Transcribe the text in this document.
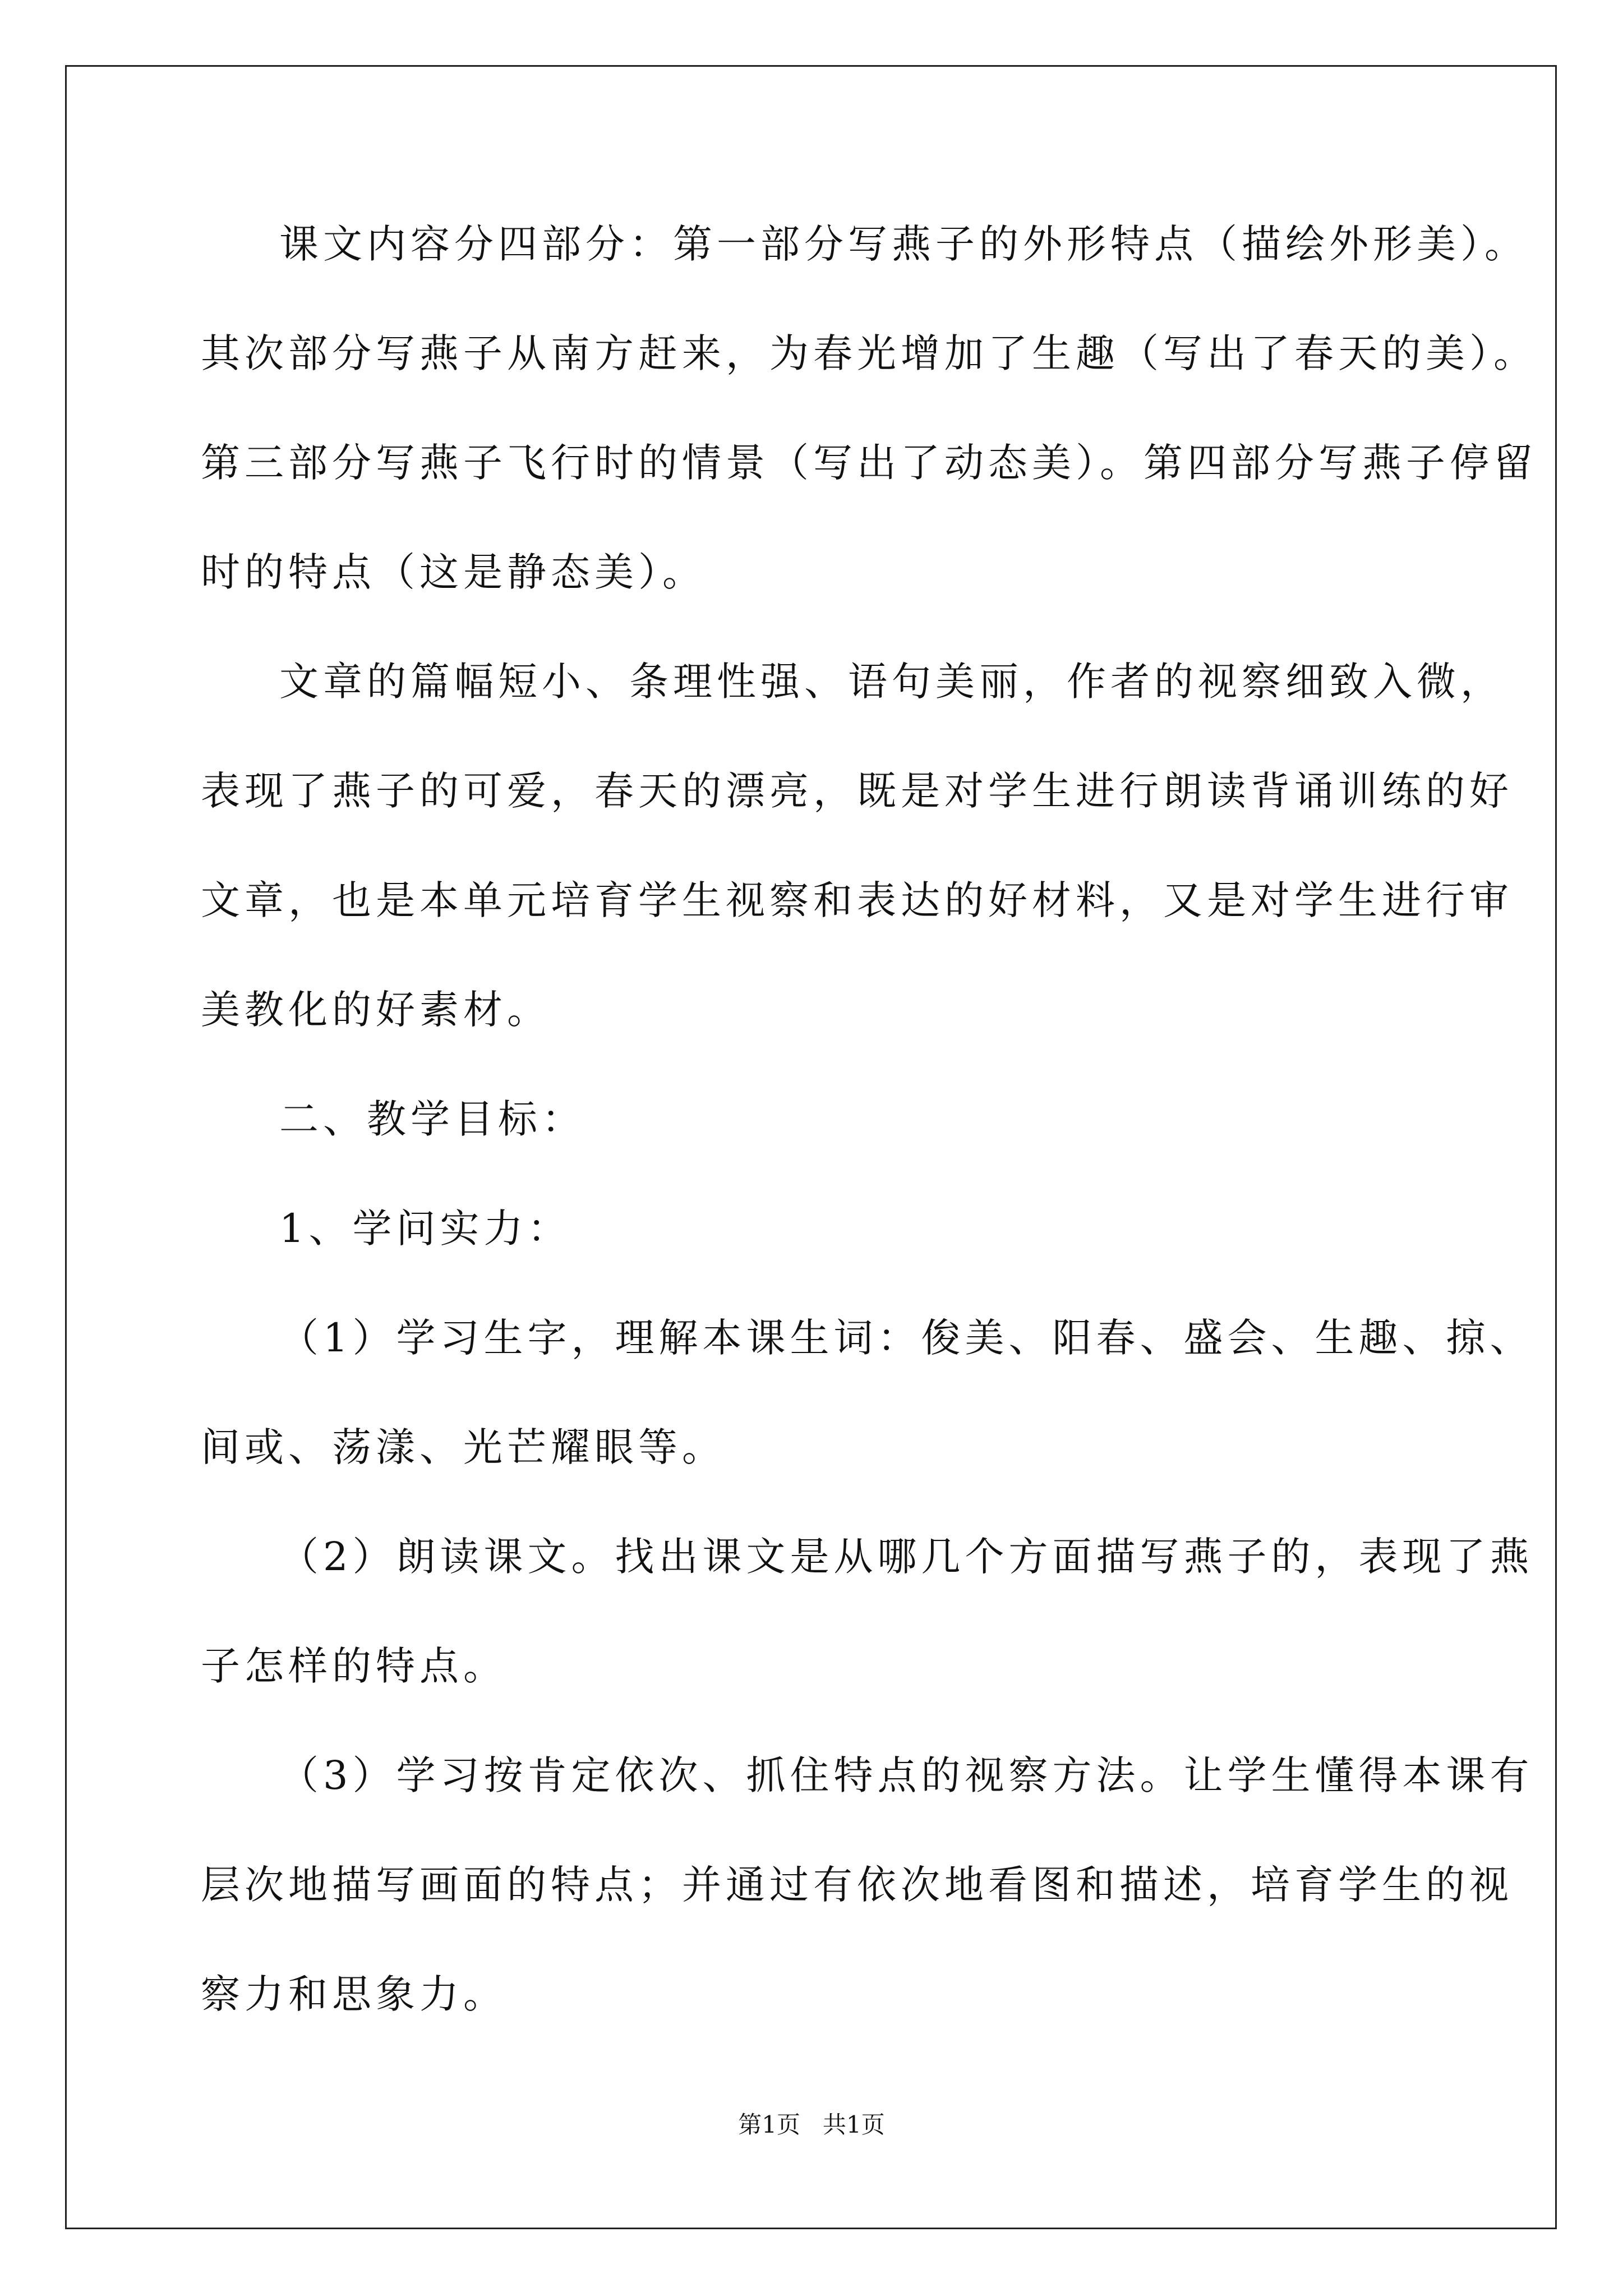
课文内容分四部分：第一部分写燕子的外形特点（描绘外形美）。
其次部分写燕子从南方赶来，为春光增加了生趣（写出了春天的美）。
第三部分写燕子飞行时的情景（写出了动态美）。第四部分写燕子停留
时的特点（这是静态美）。
文章的篇幅短小、条理性强、语句美丽，作者的视察细致入微，
表现了燕子的可爱，春天的漂亮，既是对学生进行朗读背诵训练的好
文章，也是本单元培育学生视察和表达的好材料，又是对学生进行审
美教化的好素材。
二、教学目标：
1、学问实力：
（1）学习生字，理解本课生词：俊美、阳春、盛会、生趣、掠、
间或、荡漾、光芒耀眼等。
（2）朗读课文。找出课文是从哪几个方面描写燕子的，表现了燕
子怎样的特点。
（3）学习按肯定依次、抓住特点的视察方法。让学生懂得本课有
层次地描写画面的特点；并通过有依次地看图和描述，培育学生的视
察力和思象力。
第1页   共1页
